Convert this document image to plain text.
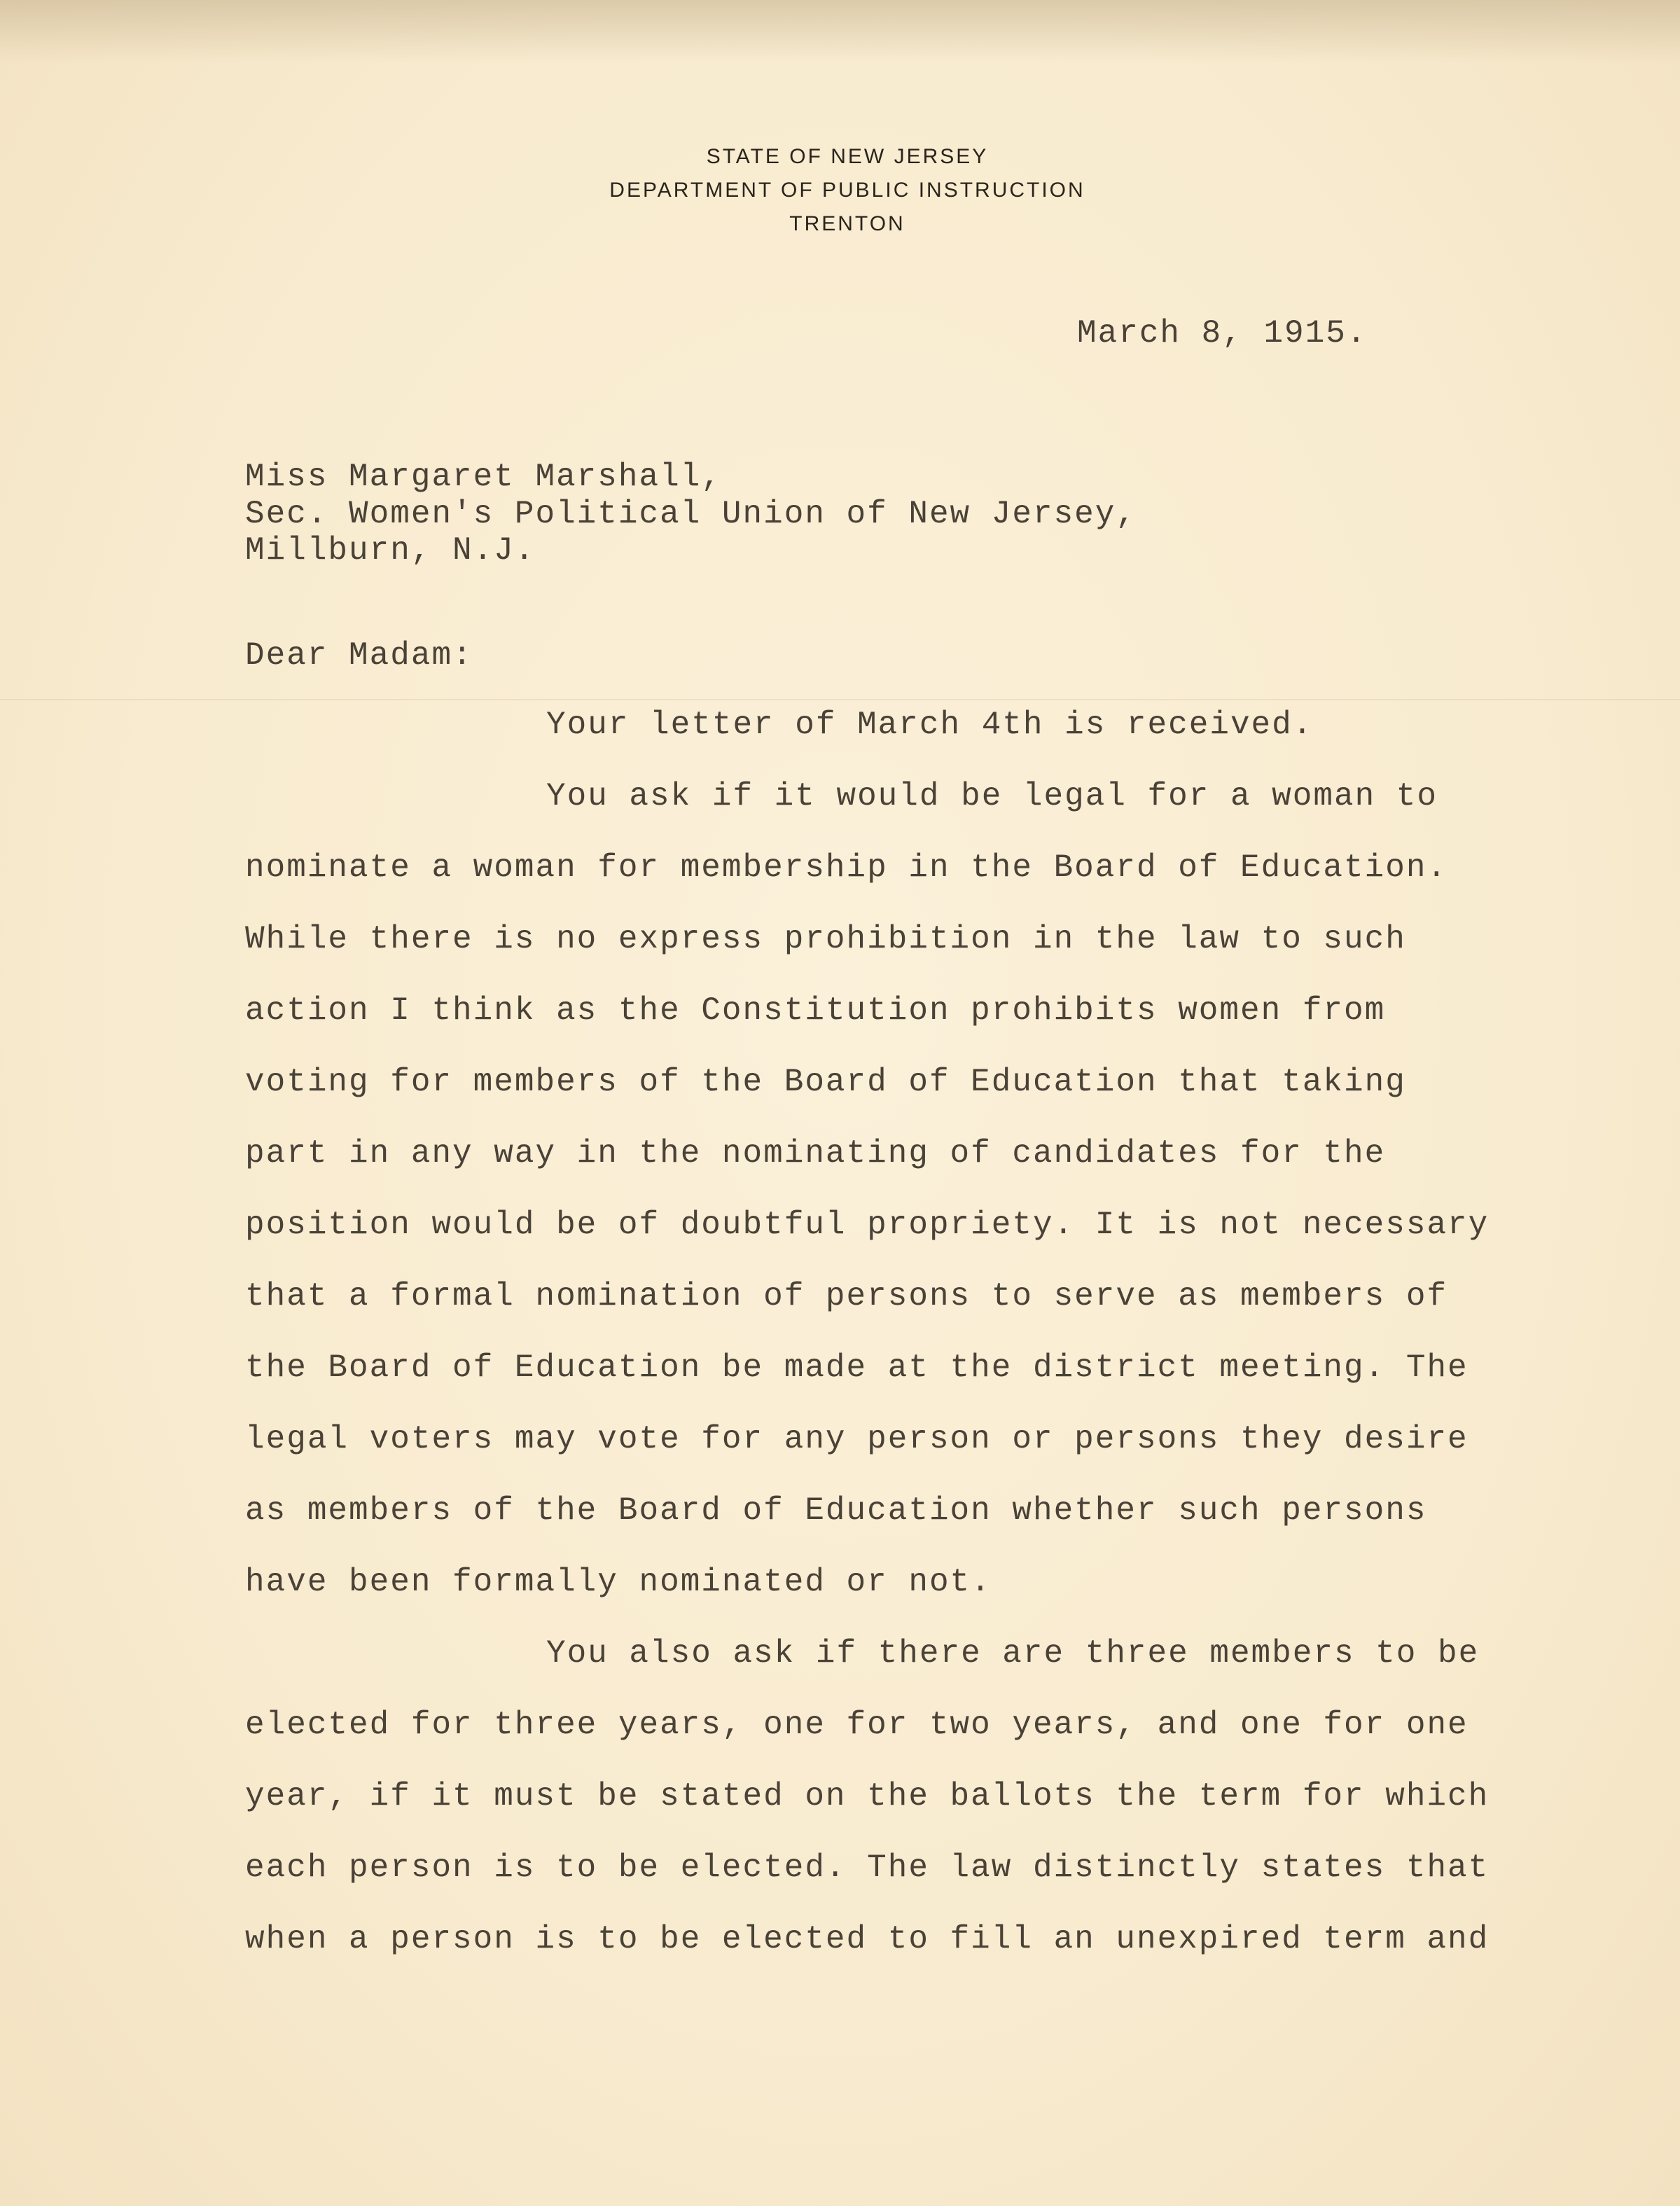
STATE OF NEW JERSEY
DEPARTMENT OF PUBLIC INSTRUCTION
TRENTON
March 8, 1915.
Miss Margaret Marshall,
Sec. Women's Political Union of New Jersey,
Millburn, N.J.
Dear Madam:
Your letter of March 4th is received.
You ask if it would be legal for a woman to
nominate a woman for membership in the Board of Education.
While there is no express prohibition in the law to such
action I think as the Constitution prohibits women from
voting for members of the Board of Education that taking
part in any way in the nominating of candidates for the
position would be of doubtful propriety. It is not necessary
that a formal nomination of persons to serve as members of
the Board of Education be made at the district meeting. The
legal voters may vote for any person or persons they desire
as members of the Board of Education whether such persons
have been formally nominated or not.
You also ask if there are three members to be
elected for three years, one for two years, and one for one
year, if it must be stated on the ballots the term for which
each person is to be elected. The law distinctly states that
when a person is to be elected to fill an unexpired term and
